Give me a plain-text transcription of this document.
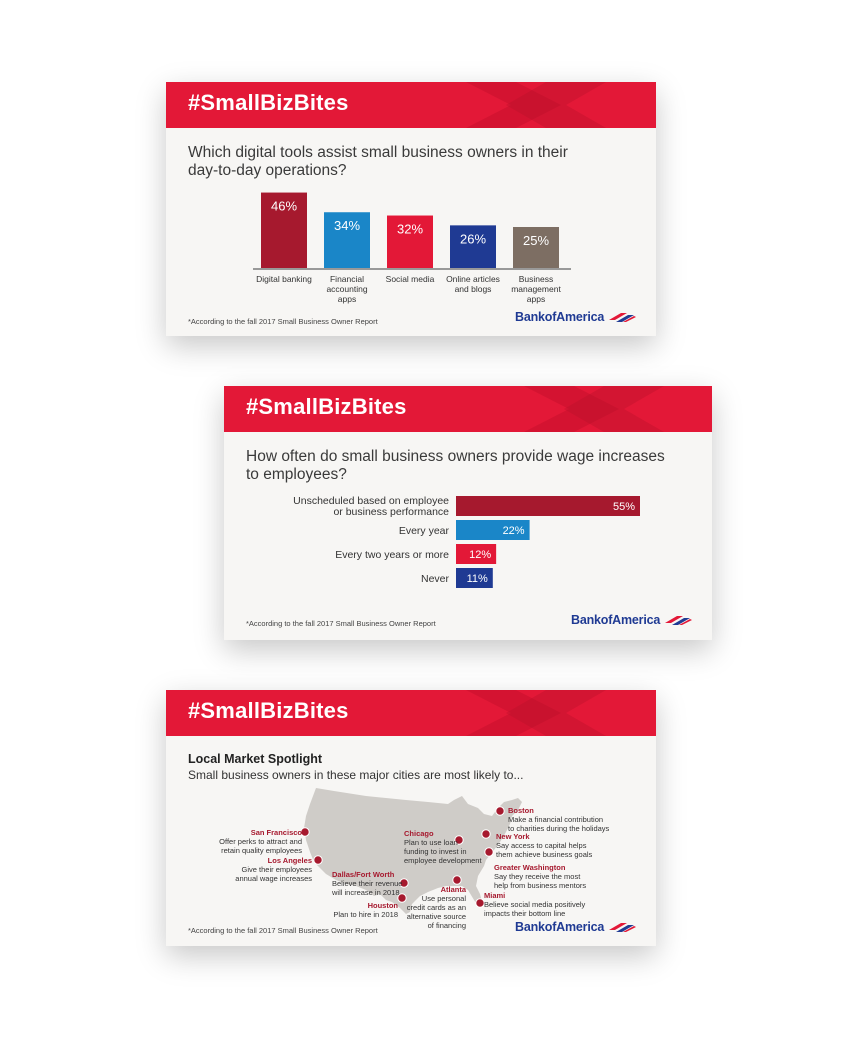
#SmallBizBites
Which digital tools assist small business owners in their
day-to-day operations?
46%
Digital banking
34%
Financial
accounting
apps
32%
Social media
26%
Online articles
and blogs
25%
Business
management
apps
*According to the fall 2017 Small Business Owner Report	BankofAmerica
#SmallBizBites
How often do small business owners provide wage increases
to employees?
55%
Unscheduled based on employee
or business performance
22%
Every year
12%
Every two years or more
11%
Never
*According to the fall 2017 Small Business Owner Report	BankofAmerica
#SmallBizBites
Local Market Spotlight
Small business owners in these major cities are most likely to...
San Francisco
Offer perks to attract and
retain quality employees
Los Angeles
Give their employees
annual wage increases	Dallas/Fort Worth
Believe their revenue
will increase in 2018
Houston
Plan to hire in 2018
Chicago
Plan to use loan
funding to invest in
employee development
Atlanta
Use personal
credit cards as an
alternative source
of financing
Boston
Make a financial contribution
to charities during the holidays
New York
Say access to capital helps
them achieve business goals
Greater Washington
Say they receive the most
help from business mentors
Miami
Believe social media positively
impacts their bottom line
*According to the fall 2017 Small Business Owner Report	BankofAmerica
